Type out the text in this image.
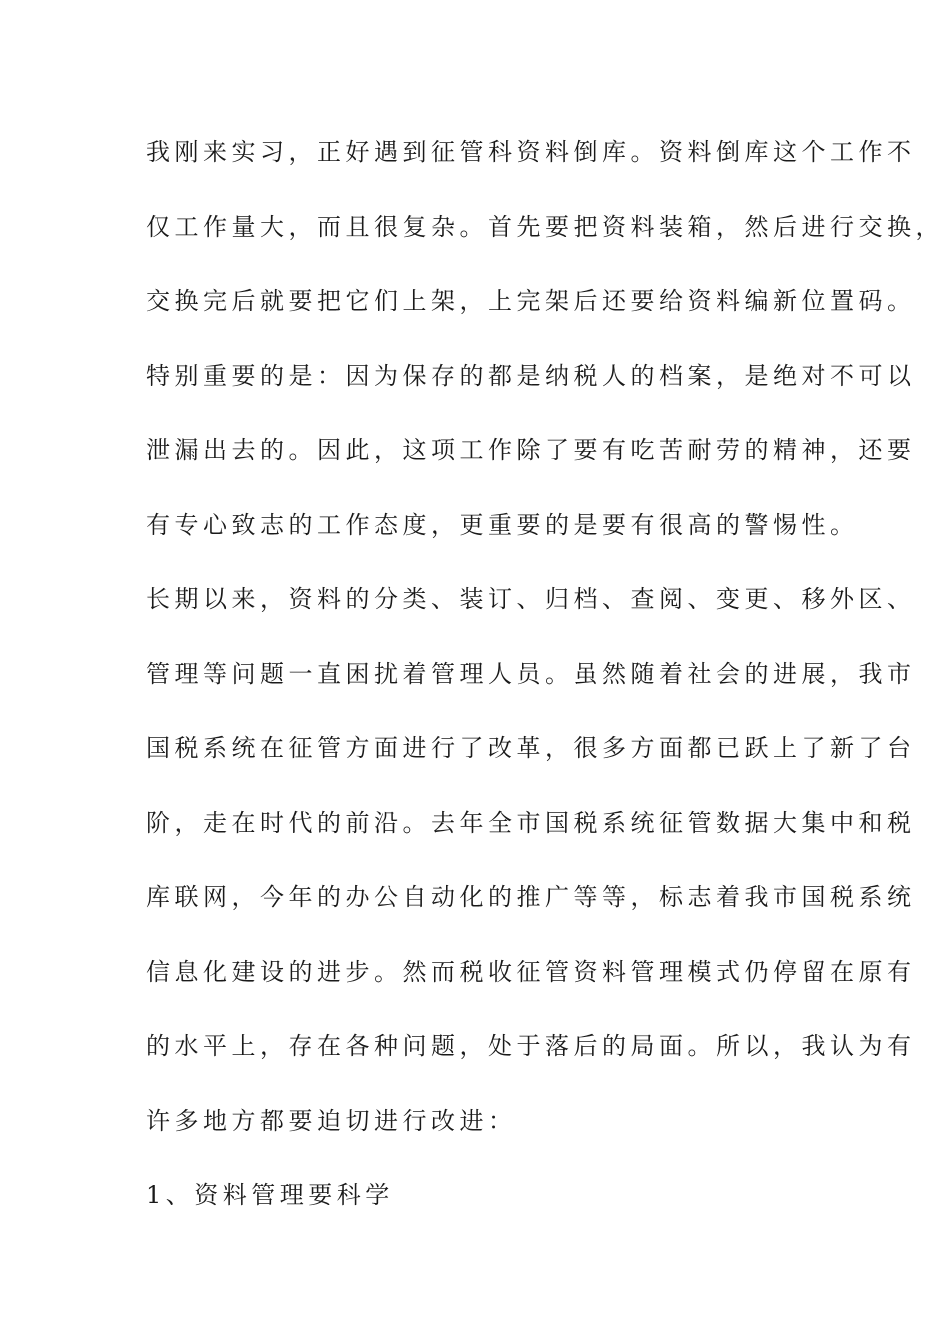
我刚来实习，正好遇到征管科资料倒库。资料倒库这个工作不

仅工作量大，而且很复杂。首先要把资料装箱，然后进行交换，

交换完后就要把它们上架，上完架后还要给资料编新位置码。

特别重要的是：因为保存的都是纳税人的档案，是绝对不可以

泄漏出去的。因此，这项工作除了要有吃苦耐劳的精神，还要

有专心致志的工作态度，更重要的是要有很高的警惕性。

长期以来，资料的分类、装订、归档、查阅、变更、移外区、

管理等问题一直困扰着管理人员。虽然随着社会的进展，我市

国税系统在征管方面进行了改革，很多方面都已跃上了新了台

阶，走在时代的前沿。去年全市国税系统征管数据大集中和税

库联网，今年的办公自动化的推广等等，标志着我市国税系统

信息化建设的进步。然而税收征管资料管理模式仍停留在原有

的水平上，存在各种问题，处于落后的局面。所以，我认为有

许多地方都要迫切进行改进：

1、资料管理要科学
